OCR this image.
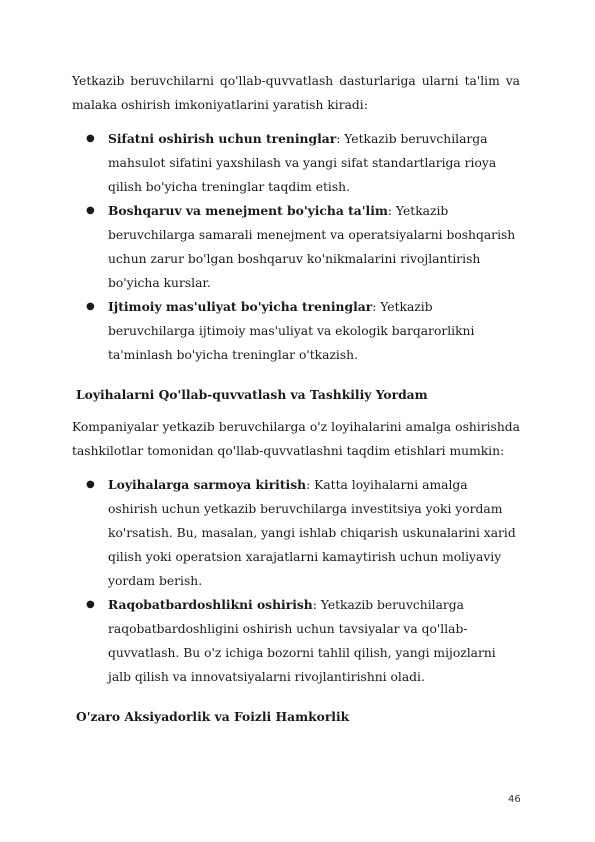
Yetkazib beruvchilarni qo'llab-quvvatlash dasturlariga ularni ta'lim va malaka oshirish imkoniyatlarini yaratish kiradi:

● Sifatni oshirish uchun treninglar: Yetkazib beruvchilarga mahsulot sifatini yaxshilash va yangi sifat standartlariga rioya qilish bo'yicha treninglar taqdim etish.
● Boshqaruv va menejment bo'yicha ta'lim: Yetkazib beruvchilarga samarali menejment va operatsiyalarni boshqarish uchun zarur bo'lgan boshqaruv ko'nikmalarini rivojlantirish bo'yicha kurslar.
● Ijtimoiy mas'uliyat bo'yicha treninglar: Yetkazib beruvchilarga ijtimoiy mas'uliyat va ekologik barqarorlikni ta'minlash bo'yicha treninglar o'tkazish.
Loyihalarni Qo'llab-quvvatlash va Tashkiliy Yordam

Kompaniyalar yetkazib beruvchilarga o'z loyihalarini amalga oshirishda tashkilotlar tomonidan qo'llab-quvvatlashni taqdim etishlari mumkin:

● Loyihalarga sarmoya kiritish: Katta loyihalarni amalga oshirish uchun yetkazib beruvchilarga investitsiya yoki yordam ko'rsatish. Bu, masalan, yangi ishlab chiqarish uskunalarini xarid qilish yoki operatsion xarajatlarni kamaytirish uchun moliyaviy yordam berish.
● Raqobatbardoshlikni oshirish: Yetkazib beruvchilarga raqobatbardoshligini oshirish uchun tavsiyalar va qo'llab-quvvatlash. Bu o'z ichiga bozorni tahlil qilish, yangi mijozlarni jalb qilish va innovatsiyalarni rivojlantirishni oladi.
O'zaro Aksiyadorlik va Foizli Hamkorlik
46
